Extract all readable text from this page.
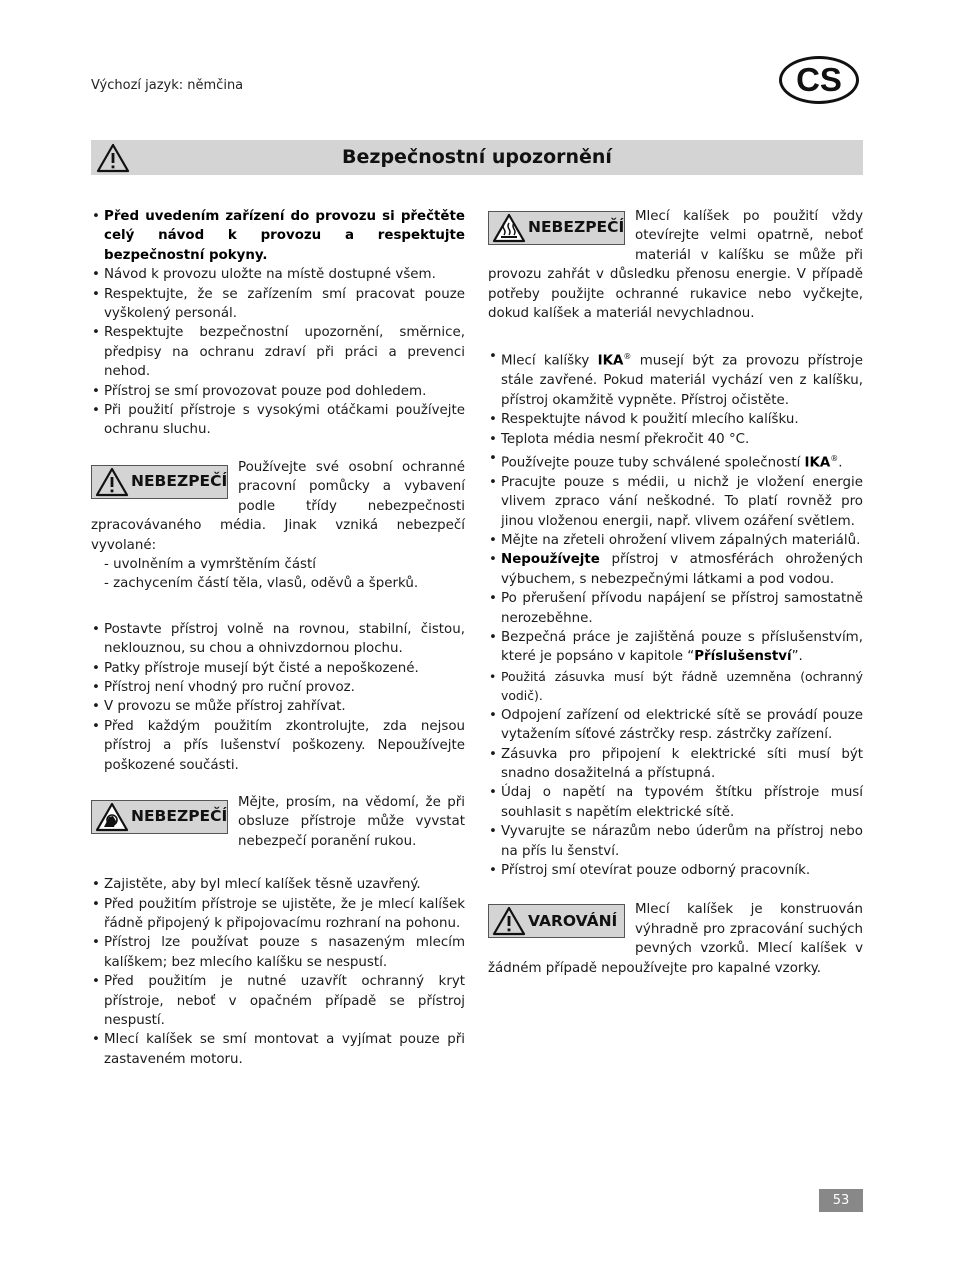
Výchozí jazyk: němčina	CS
Bezpečnostní upozornění
• Před uvedením zařízení do provozu si přečtěte celý návod k provozu a respektujte bezpečnostní pokyny.
• Návod k provozu uložte na místě dostupné všem.
• Respektujte, že se zařízením smí pracovat pouze vyškolený personál.
• Respektujte bezpečnostní upozornění, směrnice, předpisy na ochranu zdraví při práci a prevenci nehod.
• Přístroj se smí provozovat pouze pod dohledem.
• Při použití přístroje s vysokými otáčkami používejte ochranu sluchu.
NEBEZPEČÍ
Používejte své osobní ochranné pracovní pomůcky a vybavení podle třídy nebezpečnosti zpracovávaného média. Jinak vzniká nebezpečí vyvolané:
- uvolněním a vymrštěním částí
- zachycením částí těla, vlasů, oděvů a šperků.
• Postavte přístroj volně na rovnou, stabilní, čistou, neklouznou, su chou a ohnivzdornou plochu.
• Patky přístroje musejí být čisté a nepoškozené.
• Přístroj není vhodný pro ruční provoz.
• V provozu se může přístroj zahřívat.
• Před každým použitím zkontrolujte, zda nejsou přístroj a přís lušenství poškozeny. Nepoužívejte poškozené součásti.
NEBEZPEČÍ
Mějte, prosím, na vědomí, že při obsluze přístroje může vyvstat nebezpečí poranění rukou.
• Zajistěte, aby byl mlecí kalíšek těsně uzavřený.
• Před použitím přístroje se ujistěte, že je mlecí kalíšek řádně připojený k připojovacímu rozhraní na pohonu.
• Přístroj lze používat pouze s nasazeným mlecím kalíškem; bez mlecího kalíšku se nespustí.
• Před použitím je nutné uzavřít ochranný kryt přístroje, neboť v opačném případě se přístroj nespustí.
• Mlecí kalíšek se smí montovat a vyjímat pouze při zastaveném motoru.
NEBEZPEČÍ
Mlecí kalíšek po použití vždy otevírejte velmi opatrně, neboť materiál v kalíšku se může při provozu zahřát v důsledku přenosu energie. V případě potřeby použijte ochranné rukavice nebo vyčkejte, dokud kalíšek a materiál nevychladnou.
• Mlecí kalíšky IKA® musejí být za provozu přístroje stále zavřené. Pokud materiál vychází ven z kalíšku, přístroj okamžitě vypněte. Přístroj očistěte.
• Respektujte návod k použití mlecího kalíšku.
• Teplota média nesmí překročit 40 °C.
• Používejte pouze tuby schválené společností IKA®.
• Pracujte pouze s médii, u nichž je vložení energie vlivem zpraco vání neškodné. To platí rovněž pro jinou vloženou energii, např. vlivem ozáření světlem.
• Mějte na zřeteli ohrožení vlivem zápalných materiálů.
• Nepoužívejte přístroj v atmosférách ohrožených výbuchem, s nebezpečnými látkami a pod vodou.
• Po přerušení přívodu napájení se přístroj samostatně nerozeběhne.
• Bezpečná práce je zajištěná pouze s příslušenstvím, které je popsáno v kapitole “Příslušenství”.
• Použitá zásuvka musí být řádně uzemněna (ochranný vodič).
• Odpojení zařízení od elektrické sítě se provádí pouze vytažením síťové zástrčky resp. zástrčky zařízení.
• Zásuvka pro připojení k elektrické síti musí být snadno dosažitelná a přístupná.
• Údaj o napětí na typovém štítku přístroje musí souhlasit s napětím elektrické sítě.
• Vyvarujte se nárazům nebo úderům na přístroj nebo na přís lu šenství.
• Přístroj smí otevírat pouze odborný pracovník.
VAROVÁNÍ
Mlecí kalíšek je konstruován výhradně pro zpracování suchých pevných vzorků. Mlecí kalíšek v žádném případě nepoužívejte pro kapalné vzorky.
53
